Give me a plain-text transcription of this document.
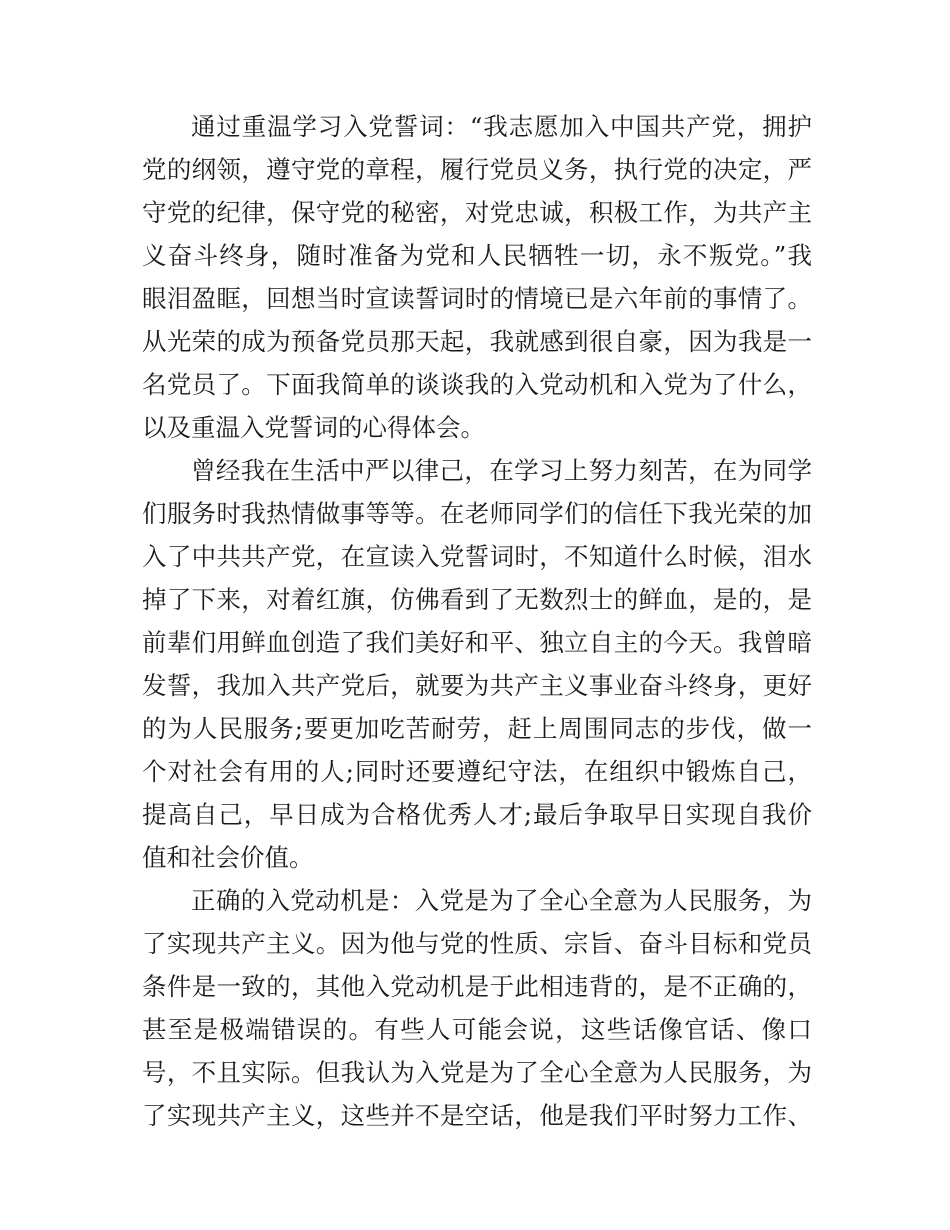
通过重温学习入党誓词：“我志愿加入中国共产党，拥护
党的纲领，遵守党的章程，履行党员义务，执行党的决定，严
守党的纪律，保守党的秘密，对党忠诚，积极工作，为共产主
义奋斗终身，随时准备为党和人民牺牲一切，永不叛党。”我
眼泪盈眶，回想当时宣读誓词时的情境已是六年前的事情了。
从光荣的成为预备党员那天起，我就感到很自豪，因为我是一
名党员了。下面我简单的谈谈我的入党动机和入党为了什么，
以及重温入党誓词的心得体会。
曾经我在生活中严以律己，在学习上努力刻苦，在为同学
们服务时我热情做事等等。在老师同学们的信任下我光荣的加
入了中共共产党，在宣读入党誓词时，不知道什么时候，泪水
掉了下来，对着红旗，仿佛看到了无数烈士的鲜血，是的，是
前辈们用鲜血创造了我们美好和平、独立自主的今天。我曾暗
发誓，我加入共产党后，就要为共产主义事业奋斗终身，更好
的为人民服务;要更加吃苦耐劳，赶上周围同志的步伐，做一
个对社会有用的人;同时还要遵纪守法，在组织中锻炼自己，
提高自己，早日成为合格优秀人才;最后争取早日实现自我价
值和社会价值。
正确的入党动机是：入党是为了全心全意为人民服务，为
了实现共产主义。因为他与党的性质、宗旨、奋斗目标和党员
条件是一致的，其他入党动机是于此相违背的，是不正确的，
甚至是极端错误的。有些人可能会说，这些话像官话、像口
号，不且实际。但我认为入党是为了全心全意为人民服务，为
了实现共产主义，这些并不是空话，他是我们平时努力工作、
